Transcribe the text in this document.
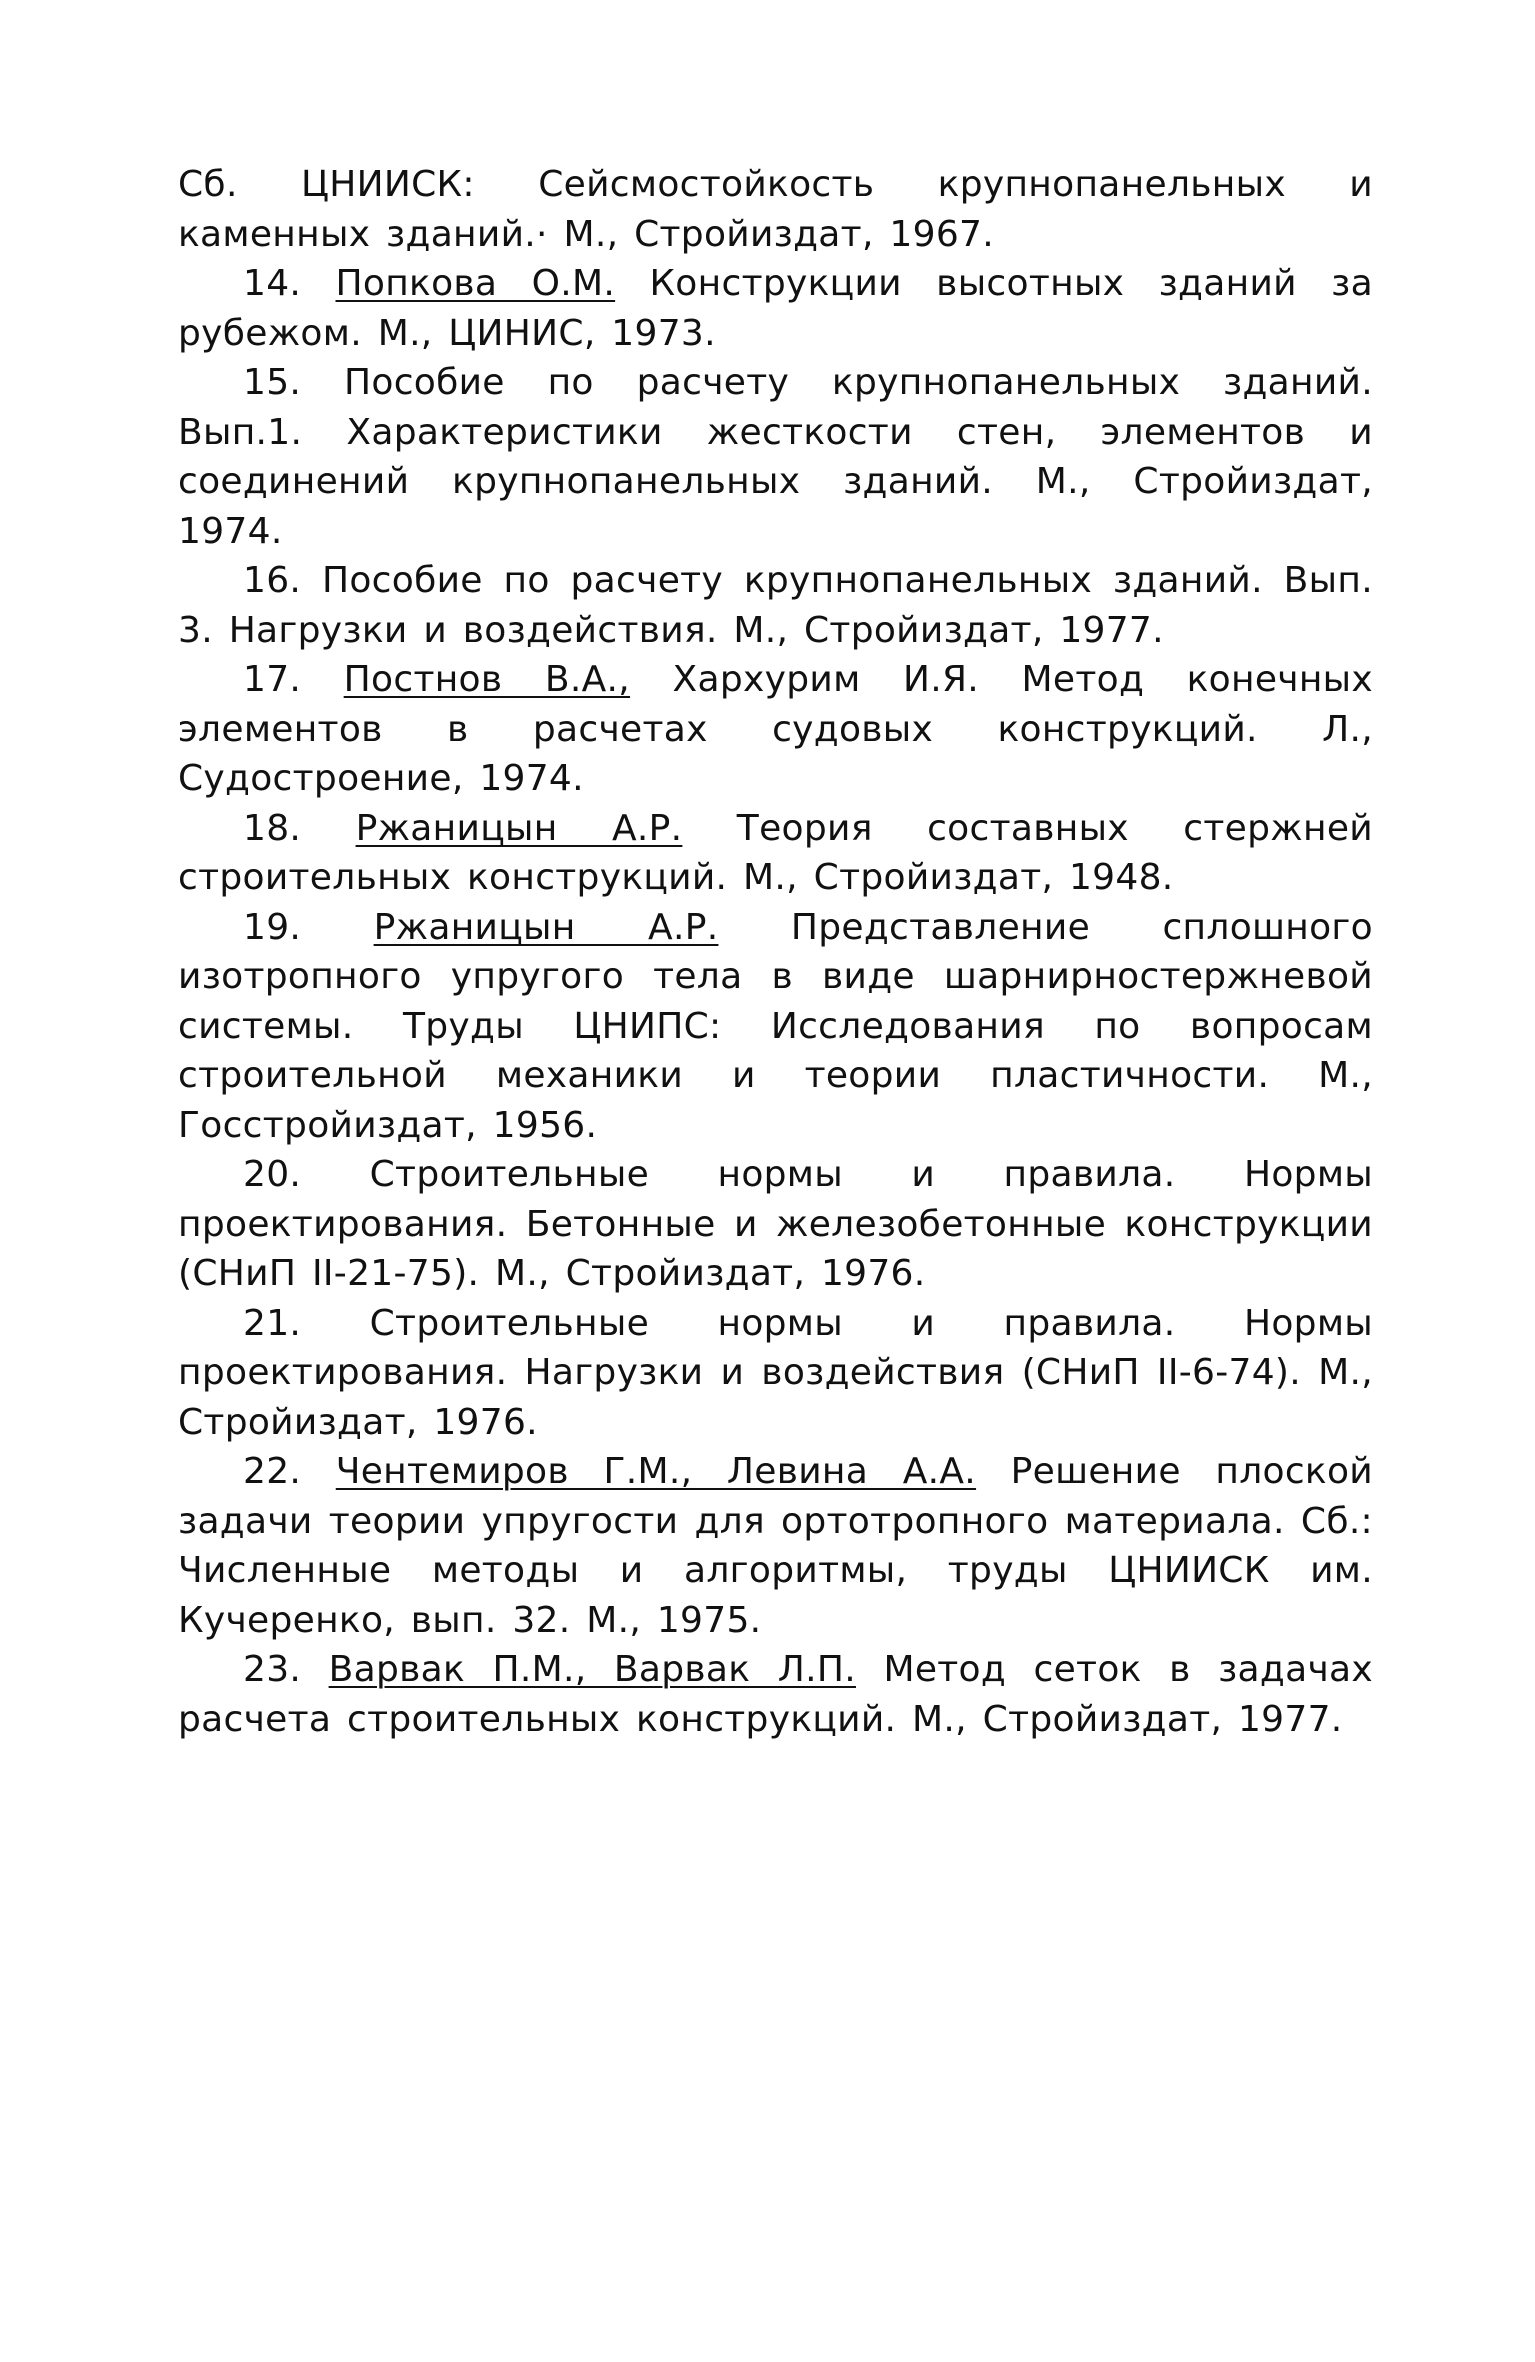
Сб. ЦНИИСК: Сейсмостойкость крупнопанельных и каменных зданий.· М., Стройиздат, 1967.

14. Попкова О.М. Конструкции высотных зданий за рубежом. М., ЦИНИС, 1973.

15. Пособие по расчету крупнопанельных зданий. Вып.1. Характеристики жесткости стен, элементов и соединений крупнопанельных зданий. М., Стройиздат, 1974.

16. Пособие по расчету крупнопанельных зданий. Вып. 3. Нагрузки и воздействия. М., Стройиздат, 1977.

17. Постнов В.А., Хархурим И.Я. Метод конечных элементов в расчетах судовых конструкций. Л., Судостроение, 1974.

18. Ржаницын А.Р. Теория составных стержней строительных конструкций. М., Стройиздат, 1948.

19. Ржаницын А.Р. Представление сплошного изотропного упругого тела в виде шарнирностержневой системы. Труды ЦНИПС: Исследования по вопросам строительной механики и теории пластичности. М., Госстройиздат, 1956.

20. Строительные нормы и правила. Нормы проектирования. Бетонные и железобетонные конструкции (СНиП II-21-75). М., Стройиздат, 1976.

21. Строительные нормы и правила. Нормы проектирования. Нагрузки и воздействия (СНиП II-6-74). М., Стройиздат, 1976.

22. Чентемиров Г.М., Левина А.А. Решение плоской задачи теории упругости для ортотропного материала. Сб.: Численные методы и алгоритмы, труды ЦНИИСК им. Кучеренко, вып. 32. М., 1975.

23. Варвак П.М., Варвак Л.П. Метод сеток в задачах расчета строительных конструкций. М., Стройиздат, 1977.
